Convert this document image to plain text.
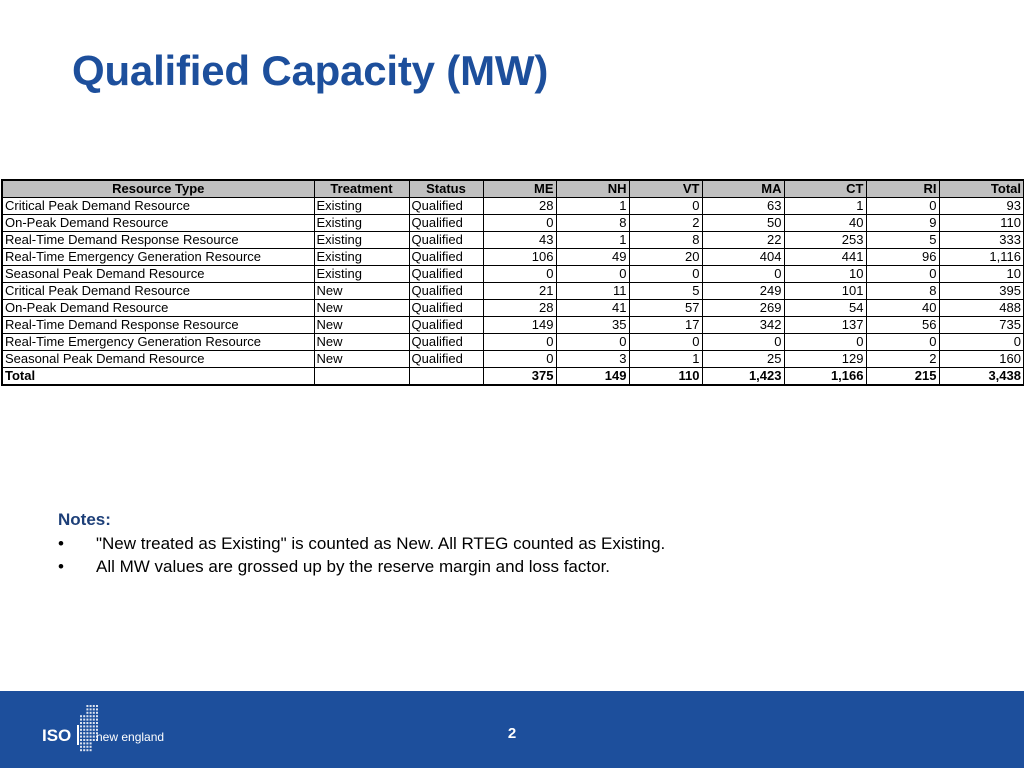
Qualified Capacity (MW)
Resource Type	Treatment	Status	ME	NH	VT	MA	CT	RI	Total
Critical Peak Demand Resource	Existing	Qualified	28	1	0	63	1	0	93
On-Peak Demand Resource	Existing	Qualified	0	8	2	50	40	9	110
Real-Time Demand Response Resource	Existing	Qualified	43	1	8	22	253	5	333
Real-Time Emergency Generation Resource	Existing	Qualified	106	49	20	404	441	96	1,116
Seasonal Peak Demand Resource	Existing	Qualified	0	0	0	0	10	0	10
Critical Peak Demand Resource	New	Qualified	21	11	5	249	101	8	395
On-Peak Demand Resource	New	Qualified	28	41	57	269	54	40	488
Real-Time Demand Response Resource	New	Qualified	149	35	17	342	137	56	735
Real-Time Emergency Generation Resource	New	Qualified	0	0	0	0	0	0	0
Seasonal Peak Demand Resource	New	Qualified	0	3	1	25	129	2	160
Total			375	149	110	1,423	1,166	215	3,438
Notes:
•	"New treated as Existing" is counted as New. All RTEG counted as Existing.
•	All MW values are grossed up by the reserve margin and loss factor.
ISO new england	2
